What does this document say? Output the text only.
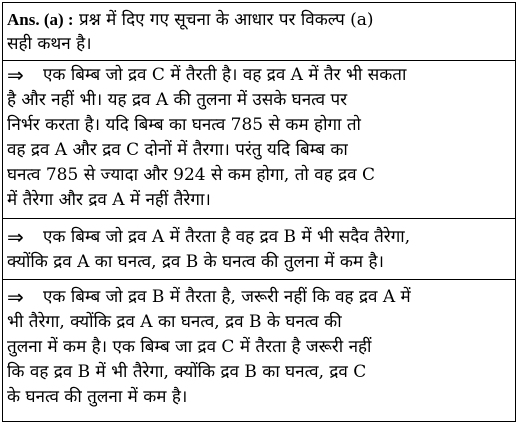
Ans. (a) : प्रश्न में दिए गए सूचना के आधार पर विकल्प (a)
सही कथन है।
⇒ एक बिम्ब जो द्रव C में तैरती है। वह द्रव A में तैर भी सकता
है और नहीं भी। यह द्रव A की तुलना में उसके घनत्व पर
निर्भर करता है। यदि बिम्ब का घनत्व 785 से कम होगा तो
वह द्रव A और द्रव C दोनों में तैरगा। परंतु यदि बिम्ब का
घनत्व 785 से ज्यादा और 924 से कम होगा, तो वह द्रव C
में तैरेगा और द्रव A में नहीं तैरेगा।
⇒ एक बिम्ब जो द्रव A में तैरता है वह द्रव B में भी सदैव तैरेगा,
क्योंकि द्रव A का घनत्व, द्रव B के घनत्व की तुलना में कम है।
⇒ एक बिम्ब जो द्रव B में तैरता है, जरूरी नहीं कि वह द्रव A में
भी तैरेगा, क्योंकि द्रव A का घनत्व, द्रव B के घनत्व की
तुलना में कम है। एक बिम्ब जा द्रव C में तैरता है जरूरी नहीं
कि वह द्रव B में भी तैरेगा, क्योंकि द्रव B का घनत्व, द्रव C
के घनत्व की तुलना में कम है।
